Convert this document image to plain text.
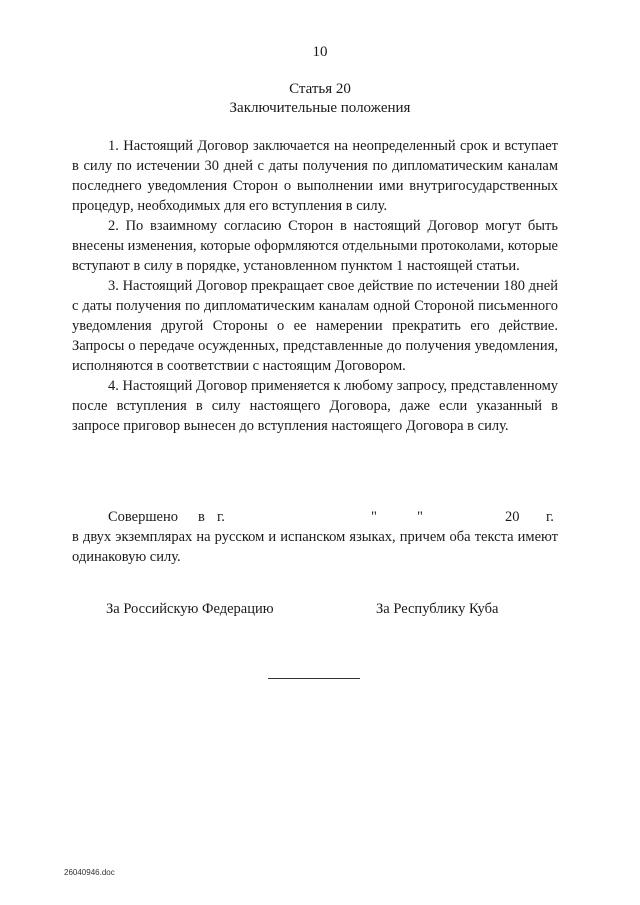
10
Статья 20
Заключительные положения

1. Настоящий Договор заключается на неопределенный срок и вступает в силу по истечении 30 дней с даты получения по дипломатическим каналам последнего уведомления Сторон о выполнении ими внутригосударственных процедур, необходимых для его вступления в силу.

2. По взаимному согласию Сторон в настоящий Договор могут быть внесены изменения, которые оформляются отдельными протоколами, которые вступают в силу в порядке, установленном пунктом 1 настоящей статьи.

3. Настоящий Договор прекращает свое действие по истечении 180 дней с даты получения по дипломатическим каналам одной Стороной письменного уведомления другой Стороны о ее намерении прекратить его действие. Запросы о передаче осужденных, представленные до получения уведомления, исполняются в соответствии с настоящим Договором.

4. Настоящий Договор применяется к любому запросу, представленному после вступления в силу настоящего Договора, даже если указанный в запросе приговор вынесен до вступления настоящего Договора в силу.

Совершено в г.	"	"	20 г.

в двух экземплярах на русском и испанском языках, причем оба текста имеют одинаковую силу.

За Российскую Федерацию	За Республику Куба
26040946.doc
